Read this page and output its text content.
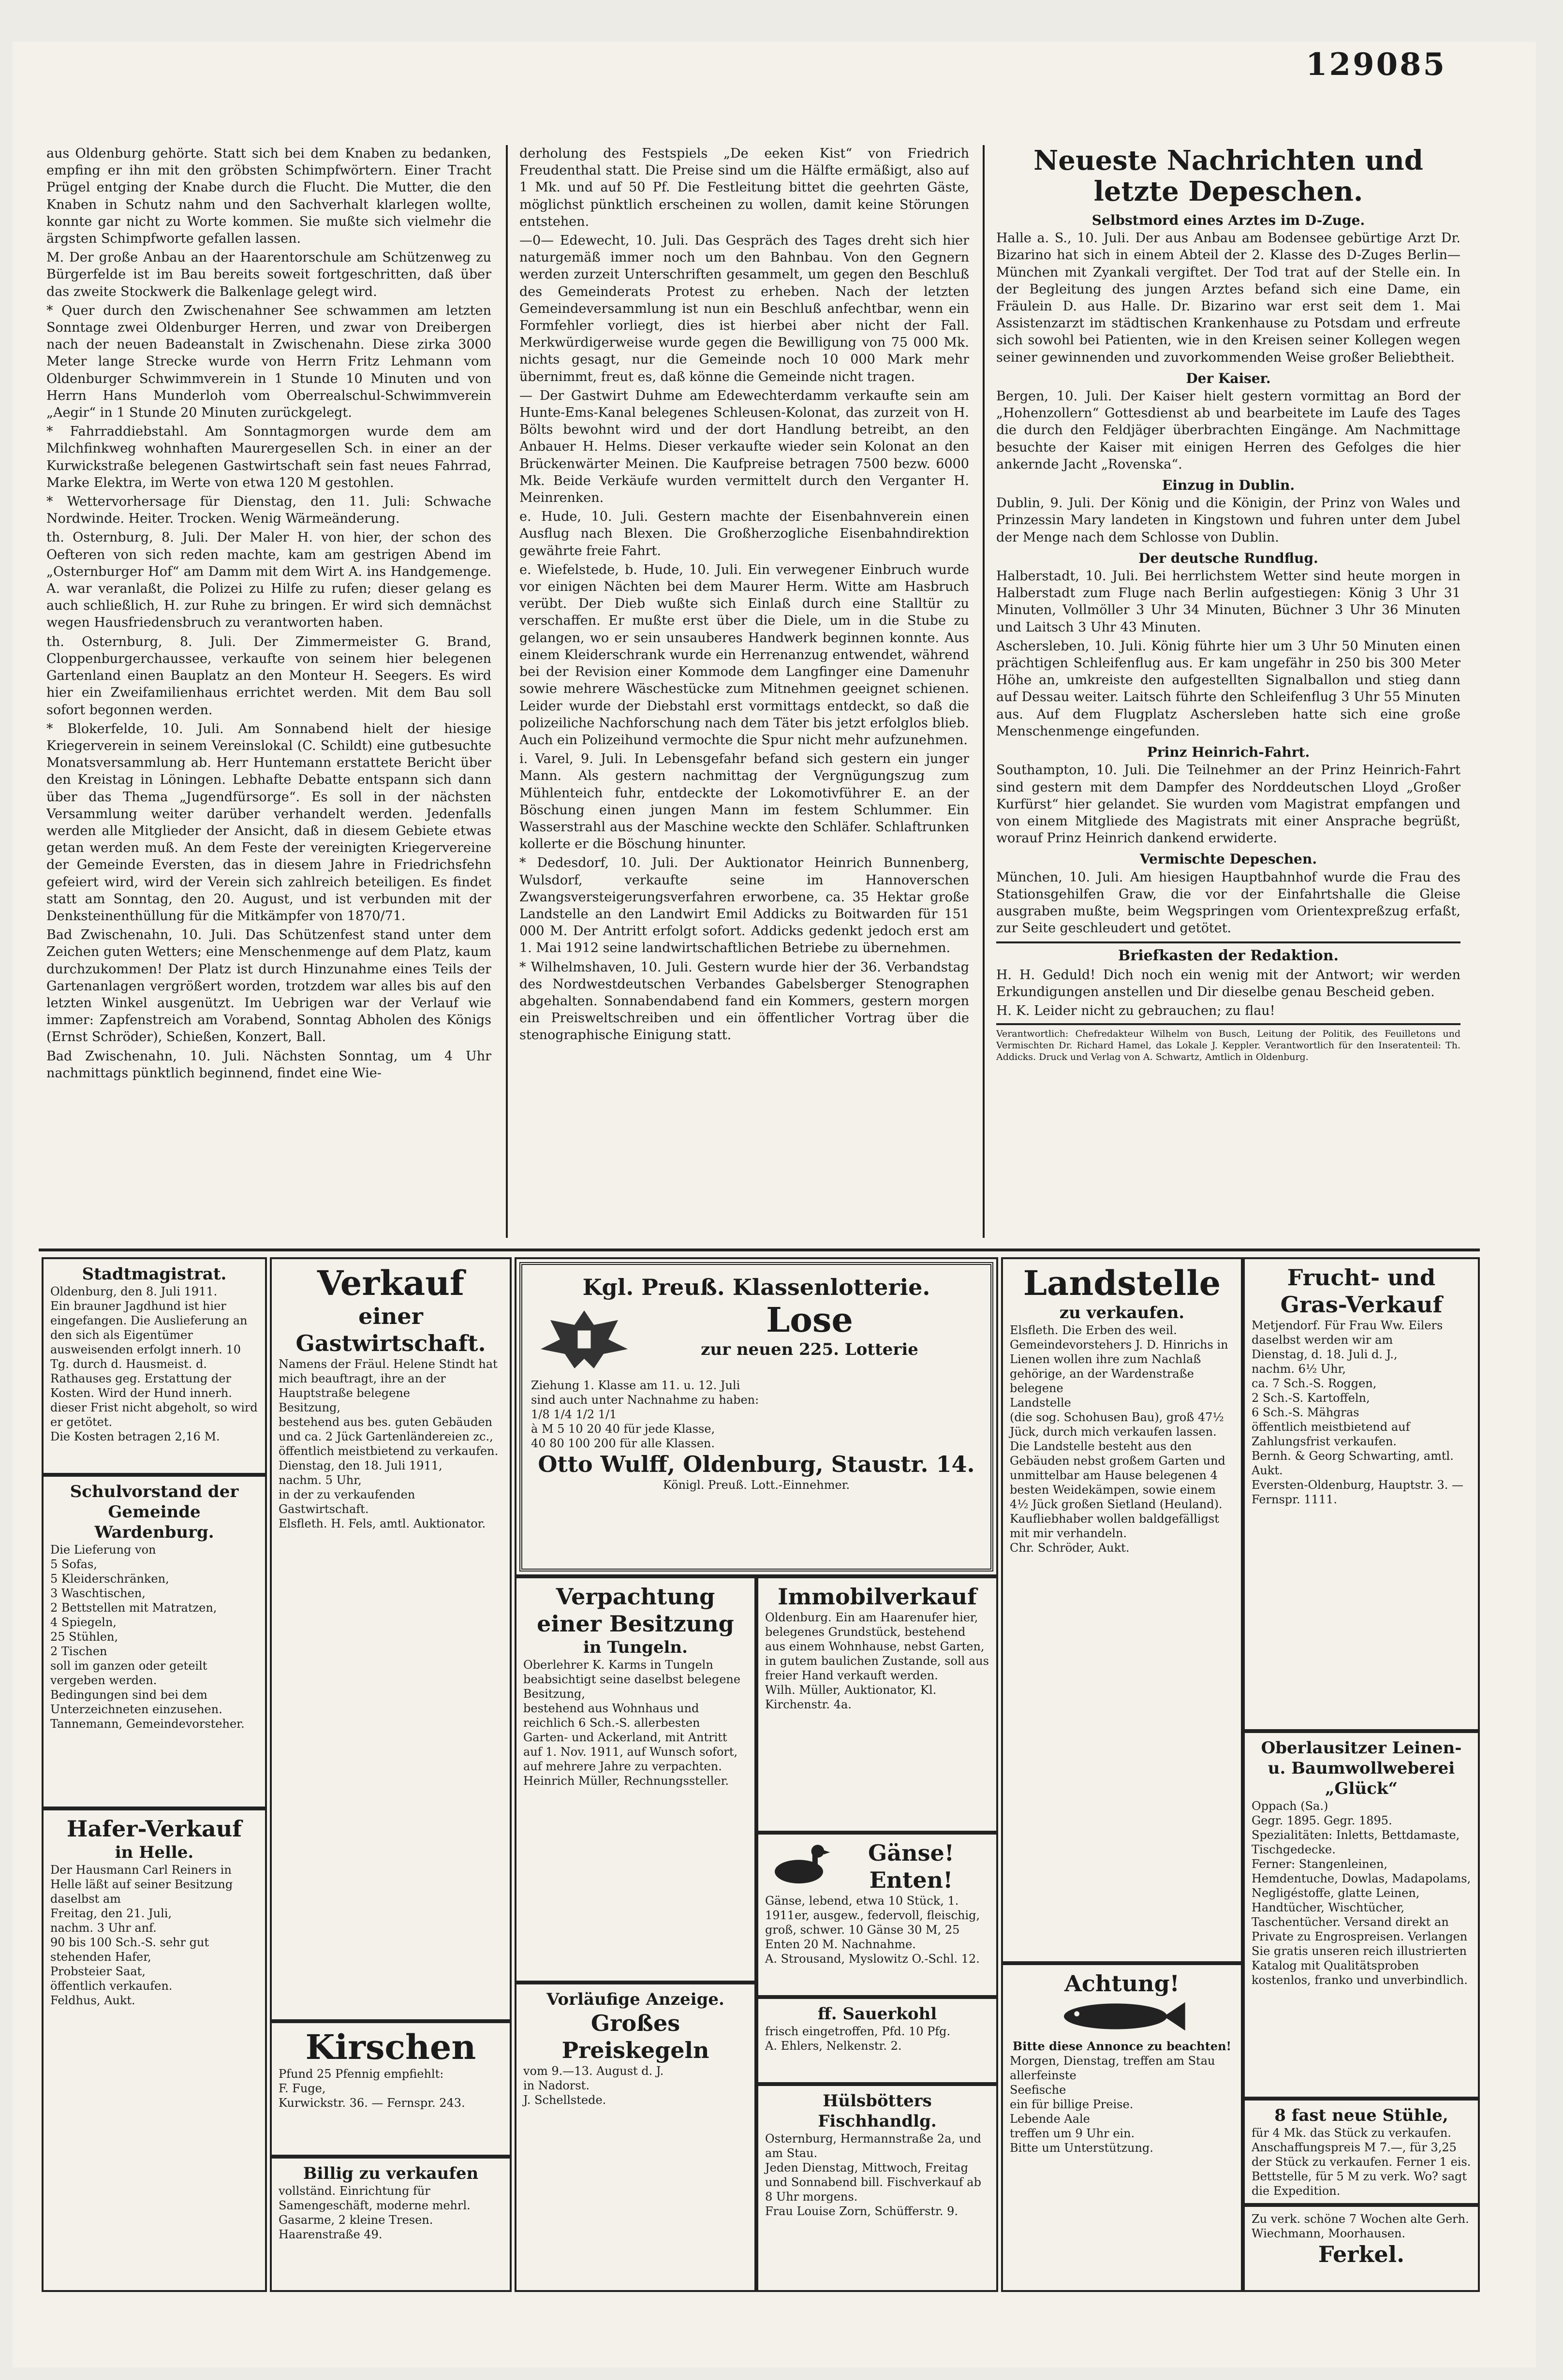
129085

aus Oldenburg gehörte. Statt sich bei dem Knaben zu bedanken, empfing er ihn mit den gröbsten Schimpfwörtern. Einer Tracht Prügel entging der Knabe durch die Flucht. Die Mutter, die den Knaben in Schutz nahm und den Sachverhalt klarlegen wollte, konnte gar nicht zu Worte kommen. Sie mußte sich vielmehr die ärgsten Schimpfworte gefallen lassen.

M. Der große Anbau an der Haarentorschule am Schützenweg zu Bürgerfelde ist im Bau bereits soweit fortgeschritten, daß über das zweite Stockwerk die Balkenlage gelegt wird.

* Quer durch den Zwischenahner See schwammen am letzten Sonntage zwei Oldenburger Herren, und zwar von Dreibergen nach der neuen Badeanstalt in Zwischenahn. Diese zirka 3000 Meter lange Strecke wurde von Herrn Fritz Lehmann vom Oldenburger Schwimmverein in 1 Stunde 10 Minuten und von Herrn Hans Munderloh vom Oberrealschul-Schwimmverein „Aegir“ in 1 Stunde 20 Minuten zurückgelegt.

* Fahrraddiebstahl. Am Sonntagmorgen wurde dem am Milchfinkweg wohnhaften Maurergesellen Sch. in einer an der Kurwickstraße belegenen Gastwirtschaft sein fast neues Fahrrad, Marke Elektra, im Werte von etwa 120 M gestohlen.

* Wettervorhersage für Dienstag, den 11. Juli: Schwache Nordwinde. Heiter. Trocken. Wenig Wärmeänderung.

th. Osternburg, 8. Juli. Der Maler H. von hier, der schon des Oefteren von sich reden machte, kam am gestrigen Abend im „Osternburger Hof“ am Damm mit dem Wirt A. ins Handgemenge. A. war veranlaßt, die Polizei zu Hilfe zu rufen; dieser gelang es auch schließlich, H. zur Ruhe zu bringen. Er wird sich demnächst wegen Hausfriedensbruch zu verantworten haben.

th. Osternburg, 8. Juli. Der Zimmermeister G. Brand, Cloppenburgerchaussee, verkaufte von seinem hier belegenen Gartenland einen Bauplatz an den Monteur H. Seegers. Es wird hier ein Zweifamilienhaus errichtet werden. Mit dem Bau soll sofort begonnen werden.

* Blokerfelde, 10. Juli. Am Sonnabend hielt der hiesige Kriegerverein in seinem Vereinslokal (C. Schildt) eine gutbesuchte Monatsversammlung ab. Herr Huntemann erstattete Bericht über den Kreistag in Löningen. Lebhafte Debatte entspann sich dann über das Thema „Jugendfürsorge“. Es soll in der nächsten Versammlung weiter darüber verhandelt werden. Jedenfalls werden alle Mitglieder der Ansicht, daß in diesem Gebiete etwas getan werden muß. An dem Feste der vereinigten Kriegervereine der Gemeinde Eversten, das in diesem Jahre in Friedrichsfehn gefeiert wird, wird der Verein sich zahlreich beteiligen. Es findet statt am Sonntag, den 20. August, und ist verbunden mit der Denksteinenthüllung für die Mitkämpfer von 1870/71.

Bad Zwischenahn, 10. Juli. Das Schützenfest stand unter dem Zeichen guten Wetters; eine Menschenmenge auf dem Platz, kaum durchzukommen! Der Platz ist durch Hinzunahme eines Teils der Gartenanlagen vergrößert worden, trotzdem war alles bis auf den letzten Winkel ausgenützt. Im Uebrigen war der Verlauf wie immer: Zapfenstreich am Vorabend, Sonntag Abholen des Königs (Ernst Schröder), Schießen, Konzert, Ball.

Bad Zwischenahn, 10. Juli. Nächsten Sonntag, um 4 Uhr nachmittags pünktlich beginnend, findet eine Wie-

derholung des Festspiels „De eeken Kist“ von Friedrich Freudenthal statt. Die Preise sind um die Hälfte ermäßigt, also auf 1 Mk. und auf 50 Pf. Die Festleitung bittet die geehrten Gäste, möglichst pünktlich erscheinen zu wollen, damit keine Störungen entstehen.

—0— Edewecht, 10. Juli. Das Gespräch des Tages dreht sich hier naturgemäß immer noch um den Bahnbau. Von den Gegnern werden zurzeit Unterschriften gesammelt, um gegen den Beschluß des Gemeinderats Protest zu erheben. Nach der letzten Gemeindeversammlung ist nun ein Beschluß anfechtbar, wenn ein Formfehler vorliegt, dies ist hierbei aber nicht der Fall. Merkwürdigerweise wurde gegen die Bewilligung von 75 000 Mk. nichts gesagt, nur die Gemeinde noch 10 000 Mark mehr übernimmt, freut es, daß könne die Gemeinde nicht tragen.

— Der Gastwirt Duhme am Edewechterdamm verkaufte sein am Hunte-Ems-Kanal belegenes Schleusen-Kolonat, das zurzeit von H. Bölts bewohnt wird und der dort Handlung betreibt, an den Anbauer H. Helms. Dieser verkaufte wieder sein Kolonat an den Brückenwärter Meinen. Die Kaufpreise betragen 7500 bezw. 6000 Mk. Beide Verkäufe wurden vermittelt durch den Verganter H. Meinrenken.

e. Hude, 10. Juli. Gestern machte der Eisenbahnverein einen Ausflug nach Blexen. Die Großherzogliche Eisenbahndirektion gewährte freie Fahrt.

e. Wiefelstede, b. Hude, 10. Juli. Ein verwegener Einbruch wurde vor einigen Nächten bei dem Maurer Herm. Witte am Hasbruch verübt. Der Dieb wußte sich Einlaß durch eine Stalltür zu verschaffen. Er mußte erst über die Diele, um in die Stube zu gelangen, wo er sein unsauberes Handwerk beginnen konnte. Aus einem Kleiderschrank wurde ein Herrenanzug entwendet, während bei der Revision einer Kommode dem Langfinger eine Damenuhr sowie mehrere Wäschestücke zum Mitnehmen geeignet schienen. Leider wurde der Diebstahl erst vormittags entdeckt, so daß die polizeiliche Nachforschung nach dem Täter bis jetzt erfolglos blieb. Auch ein Polizeihund vermochte die Spur nicht mehr aufzunehmen.

i. Varel, 9. Juli. In Lebensgefahr befand sich gestern ein junger Mann. Als gestern nachmittag der Vergnügungszug zum Mühlenteich fuhr, entdeckte der Lokomotivführer E. an der Böschung einen jungen Mann im festem Schlummer. Ein Wasserstrahl aus der Maschine weckte den Schläfer. Schlaftrunken kollerte er die Böschung hinunter.

* Dedesdorf, 10. Juli. Der Auktionator Heinrich Bunnenberg, Wulsdorf, verkaufte seine im Hannoverschen Zwangsversteigerungsverfahren erworbene, ca. 35 Hektar große Landstelle an den Landwirt Emil Addicks zu Boitwarden für 151 000 M. Der Antritt erfolgt sofort. Addicks gedenkt jedoch erst am 1. Mai 1912 seine landwirtschaftlichen Betriebe zu übernehmen.

* Wilhelmshaven, 10. Juli. Gestern wurde hier der 36. Verbandstag des Nordwestdeutschen Verbandes Gabelsberger Stenographen abgehalten. Sonnabendabend fand ein Kommers, gestern morgen ein Preisweltschreiben und ein öffentlicher Vortrag über die stenographische Einigung statt.

Neueste Nachrichten und letzte Depeschen.
Selbstmord eines Arztes im D-Zuge.

Halle a. S., 10. Juli. Der aus Anbau am Bodensee gebürtige Arzt Dr. Bizarino hat sich in einem Abteil der 2. Klasse des D-Zuges Berlin—München mit Zyankali vergiftet. Der Tod trat auf der Stelle ein. In der Begleitung des jungen Arztes befand sich eine Dame, ein Fräulein D. aus Halle. Dr. Bizarino war erst seit dem 1. Mai Assistenzarzt im städtischen Krankenhause zu Potsdam und erfreute sich sowohl bei Patienten, wie in den Kreisen seiner Kollegen wegen seiner gewinnenden und zuvorkommenden Weise großer Beliebtheit.

Der Kaiser.

Bergen, 10. Juli. Der Kaiser hielt gestern vormittag an Bord der „Hohenzollern“ Gottesdienst ab und bearbeitete im Laufe des Tages die durch den Feldjäger überbrachten Eingänge. Am Nachmittage besuchte der Kaiser mit einigen Herren des Gefolges die hier ankernde Jacht „Rovenska“.

Einzug in Dublin.

Dublin, 9. Juli. Der König und die Königin, der Prinz von Wales und Prinzessin Mary landeten in Kingstown und fuhren unter dem Jubel der Menge nach dem Schlosse von Dublin.

Der deutsche Rundflug.

Halberstadt, 10. Juli. Bei herrlichstem Wetter sind heute morgen in Halberstadt zum Fluge nach Berlin aufgestiegen: König 3 Uhr 31 Minuten, Vollmöller 3 Uhr 34 Minuten, Büchner 3 Uhr 36 Minuten und Laitsch 3 Uhr 43 Minuten.

Aschersleben, 10. Juli. König führte hier um 3 Uhr 50 Minuten einen prächtigen Schleifenflug aus. Er kam ungefähr in 250 bis 300 Meter Höhe an, umkreiste den aufgestellten Signalballon und stieg dann auf Dessau weiter. Laitsch führte den Schleifenflug 3 Uhr 55 Minuten aus. Auf dem Flugplatz Aschersleben hatte sich eine große Menschenmenge eingefunden.

Prinz Heinrich-Fahrt.

Southampton, 10. Juli. Die Teilnehmer an der Prinz Heinrich-Fahrt sind gestern mit dem Dampfer des Norddeutschen Lloyd „Großer Kurfürst“ hier gelandet. Sie wurden vom Magistrat empfangen und von einem Mitgliede des Magistrats mit einer Ansprache begrüßt, worauf Prinz Heinrich dankend erwiderte.

Vermischte Depeschen.

München, 10. Juli. Am hiesigen Hauptbahnhof wurde die Frau des Stationsgehilfen Graw, die vor der Einfahrtshalle die Gleise ausgraben mußte, beim Wegspringen vom Orientexpreßzug erfaßt, zur Seite geschleudert und getötet.

Briefkasten der Redaktion.

H. H. Geduld! Dich noch ein wenig mit der Antwort; wir werden Erkundigungen anstellen und Dir dieselbe genau Bescheid geben.

H. K. Leider nicht zu gebrauchen; zu flau!

Verantwortlich: Chefredakteur Wilhelm von Busch, Leitung der Politik, des Feuilletons und Vermischten Dr. Richard Hamel, das Lokale J. Keppler. Verantwortlich für den Inseratenteil: Th. Addicks. Druck und Verlag von A. Schwartz, Amtlich in Oldenburg.
Stadtmagistrat.
Oldenburg, den 8. Juli 1911.
Ein brauner Jagdhund ist hier eingefangen. Die Auslieferung an den sich als Eigentümer ausweisenden erfolgt innerh. 10 Tg. durch d. Hausmeist. d. Rathauses geg. Erstattung der Kosten. Wird der Hund innerh. dieser Frist nicht abgeholt, so wird er getötet.
Die Kosten betragen 2,16 M.
Schulvorstand der Gemeinde Wardenburg.
Die Lieferung von
5 Sofas,
5 Kleiderschränken,
3 Waschtischen,
2 Bettstellen mit Matratzen,
4 Spiegeln,
25 Stühlen,
2 Tischen
soll im ganzen oder geteilt vergeben werden.
Bedingungen sind bei dem Unterzeichneten einzusehen.
Tannemann, Gemeindevorsteher.
Hafer-Verkauf
in Helle.
Der Hausmann Carl Reiners in Helle läßt auf seiner Besitzung daselbst am
Freitag, den 21. Juli,
nachm. 3 Uhr anf.
90 bis 100 Sch.-S. sehr gut stehenden Hafer,
Probsteier Saat,
öffentlich verkaufen.
Feldhus, Aukt.
Verkauf
einer Gastwirtschaft.
Namens der Fräul. Helene Stindt hat mich beauftragt, ihre an der Hauptstraße belegene
Besitzung,
bestehend aus bes. guten Gebäuden und ca. 2 Jück Gartenländereien zc.,
öffentlich meistbietend zu verkaufen.
Dienstag, den 18. Juli 1911,
nachm. 5 Uhr,
in der zu verkaufenden Gastwirtschaft.
Elsfleth. H. Fels, amtl. Auktionator.
Kirschen
Pfund 25 Pfennig empfiehlt:
F. Fuge,
Kurwickstr. 36. — Fernspr. 243.
Billig zu verkaufen
vollständ. Einrichtung für Samengeschäft, moderne mehrl. Gasarme, 2 kleine Tresen.
Haarenstraße 49.
Kgl. Preuß. Klassenlotterie.
Lose
zur neuen 225. Lotterie
Ziehung 1. Klasse am 11. u. 12. Juli
sind auch unter Nachnahme zu haben:
1/8 1/4 1/2 1/1
à M 5 10 20 40 für jede Klasse,
40 80 100 200 für alle Klassen.
Otto Wulff, Oldenburg, Staustr. 14.
Königl. Preuß. Lott.-Einnehmer.
Verpachtung einer Besitzung
in Tungeln.
Oberlehrer K. Karms in Tungeln beabsichtigt seine daselbst belegene
Besitzung,
bestehend aus Wohnhaus und reichlich 6 Sch.-S. allerbesten Garten- und Ackerland, mit Antritt auf 1. Nov. 1911, auf Wunsch sofort, auf mehrere Jahre zu verpachten.
Heinrich Müller, Rechnungssteller.
Vorläufige Anzeige.
Großes Preiskegeln
vom 9.—13. August d. J.
in Nadorst.
J. Schellstede.
Immobilverkauf
Oldenburg. Ein am Haarenufer hier, belegenes Grundstück, bestehend aus einem Wohnhause, nebst Garten, in gutem baulichen Zustande, soll aus freier Hand verkauft werden.
Wilh. Müller, Auktionator, Kl. Kirchenstr. 4a.
Gänse!
Enten!
Gänse, lebend, etwa 10 Stück, 1. 1911er, ausgew., federvoll, fleischig, groß, schwer. 10 Gänse 30 M, 25 Enten 20 M. Nachnahme.
A. Strousand, Myslowitz O.-Schl. 12.
ff. Sauerkohl
frisch eingetroffen, Pfd. 10 Pfg.
A. Ehlers, Nelkenstr. 2.
Hülsbötters Fischhandlg.
Osternburg, Hermannstraße 2a, und am Stau.
Jeden Dienstag, Mittwoch, Freitag und Sonnabend bill. Fischverkauf ab 8 Uhr morgens.
Frau Louise Zorn, Schüfferstr. 9.
Landstelle
zu verkaufen.
Elsfleth. Die Erben des weil. Gemeindevorstehers J. D. Hinrichs in Lienen wollen ihre zum Nachlaß gehörige, an der Wardenstraße belegene
Landstelle
(die sog. Schohusen Bau), groß 47½ Jück, durch mich verkaufen lassen.
Die Landstelle besteht aus den Gebäuden nebst großem Garten und unmittelbar am Hause belegenen 4 besten Weidekämpen, sowie einem 4½ Jück großen Sietland (Heuland).
Kaufliebhaber wollen baldgefälligst mit mir verhandeln.
Chr. Schröder, Aukt.
Achtung!
Bitte diese Annonce zu beachten!
Morgen, Dienstag, treffen am Stau allerfeinste
Seefische
ein für billige Preise.
Lebende Aale
treffen um 9 Uhr ein.
Bitte um Unterstützung.
Frucht- und Gras-Verkauf
Metjendorf. Für Frau Ww. Eilers daselbst werden wir am
Dienstag, d. 18. Juli d. J.,
nachm. 6½ Uhr,
ca. 7 Sch.-S. Roggen,
2 Sch.-S. Kartoffeln,
6 Sch.-S. Mähgras
öffentlich meistbietend auf Zahlungsfrist verkaufen.
Bernh. & Georg Schwarting, amtl. Aukt.
Eversten-Oldenburg, Hauptstr. 3. — Fernspr. 1111.
Oberlausitzer Leinen- u. Baumwollweberei „Glück“
Oppach (Sa.)
Gegr. 1895. Gegr. 1895.
Spezialitäten: Inletts, Bettdamaste, Tischgedecke.
Ferner: Stangenleinen, Hemdentuche, Dowlas, Madapolams, Negligéstoffe, glatte Leinen, Handtücher, Wischtücher, Taschentücher. Versand direkt an Private zu Engrospreisen. Verlangen Sie gratis unseren reich illustrierten Katalog mit Qualitätsproben kostenlos, franko und unverbindlich.
8 fast neue Stühle,
für 4 Mk. das Stück zu verkaufen. Anschaffungspreis M 7.—, für 3,25 der Stück zu verkaufen. Ferner 1 eis. Bettstelle, für 5 M zu verk. Wo? sagt die Expedition.
Zu verk. schöne 7 Wochen alte Gerh. Wiechmann, Moorhausen.
Ferkel.
